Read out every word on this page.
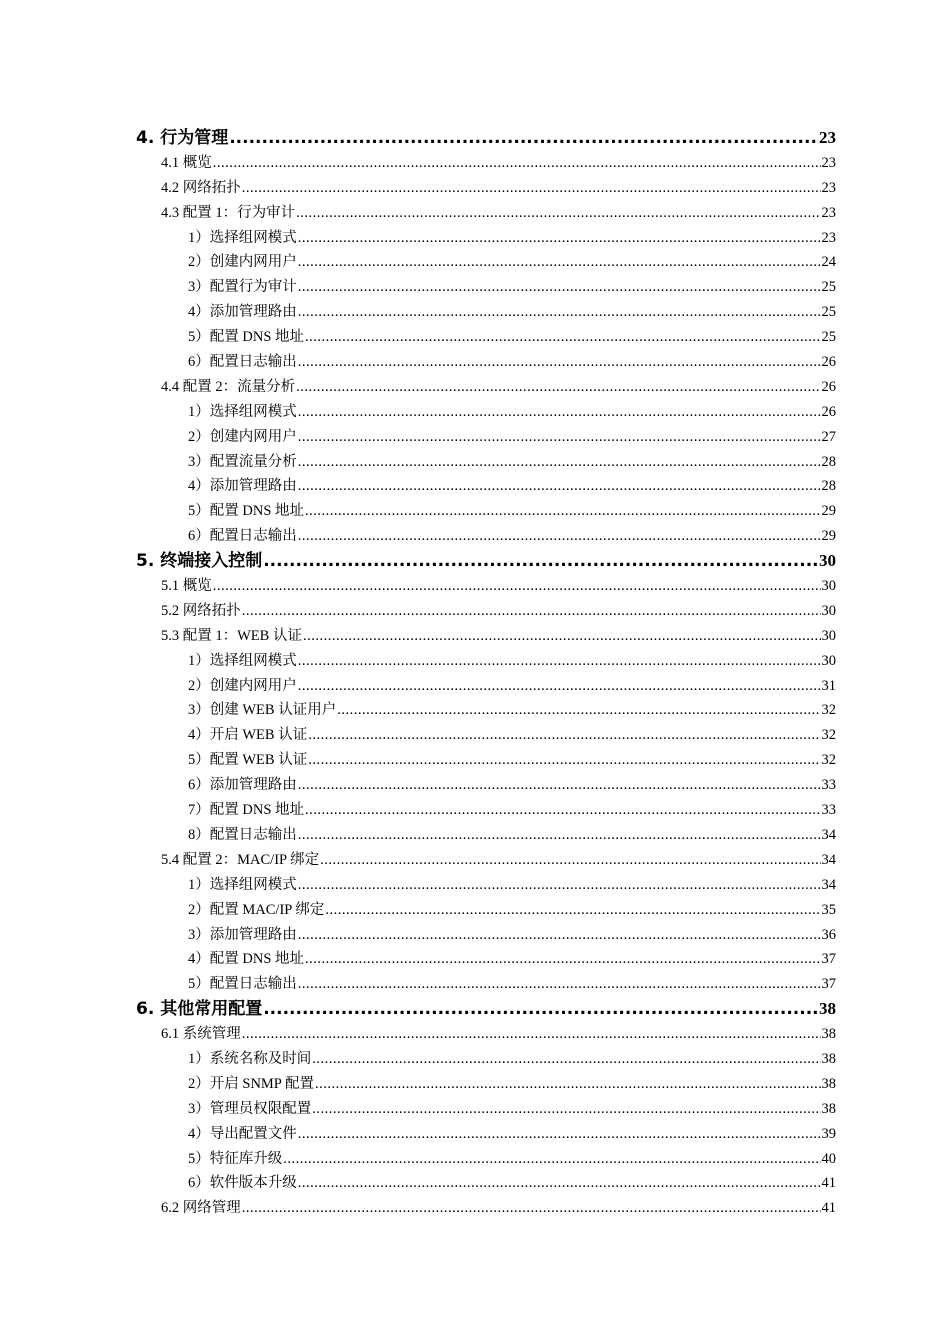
4. 行为管理 .....	23
4.1 概览 .....	23
4.2 网络拓扑 .....	23
4.3 配置 1：行为审计 .....	23
1）选择组网模式 .....	23
2）创建内网用户 .....	24
3）配置行为审计 .....	25
4）添加管理路由 .....	25
5）配置 DNS 地址 .....	25
6）配置日志输出 .....	26
4.4 配置 2：流量分析 .....	26
1）选择组网模式 .....	26
2）创建内网用户 .....	27
3）配置流量分析 .....	28
4）添加管理路由 .....	28
5）配置 DNS 地址 .....	29
6）配置日志输出 .....	29
5. 终端接入控制 .....	30
5.1 概览 .....	30
5.2 网络拓扑 .....	30
5.3 配置 1：WEB 认证 .....	30
1）选择组网模式 .....	30
2）创建内网用户 .....	31
3）创建 WEB 认证用户 .....	32
4）开启 WEB 认证 .....	32
5）配置 WEB 认证 .....	32
6）添加管理路由 .....	33
7）配置 DNS 地址 .....	33
8）配置日志输出 .....	34
5.4 配置 2：MAC/IP 绑定 .....	34
1）选择组网模式 .....	34
2）配置 MAC/IP 绑定 .....	35
3）添加管理路由 .....	36
4）配置 DNS 地址 .....	37
5）配置日志输出 .....	37
6. 其他常用配置 .....	38
6.1 系统管理 .....	38
1）系统名称及时间 .....	38
2）开启 SNMP 配置 .....	38
3）管理员权限配置 .....	38
4）导出配置文件 .....	39
5）特征库升级 .....	40
6）软件版本升级 .....	41
6.2 网络管理 .....	41
